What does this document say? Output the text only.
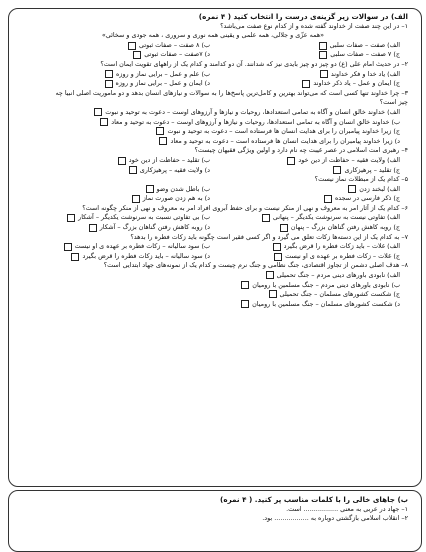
الف) در سوالات زیر گزینه‌ی درست را انتخاب کنید ( ۴ نمره)
۱– در این چند صفت از خداوند گفته شده و از کدام نوع صفت می‌باشد؟
«همه عزّی و جلالی، همه علمی و یقینی همه نوری و سروری ، همه جودی و سخائی»
الف) صفت – صفات سلبی
ب) ۸ صفت – صفات ثبوتی
ج) ۷ صفت – صفات سلبی
د) ۷صفت – صفات ثبوتی
۲– در حدیث امام علی (ع) دو چیز دو چیز بایدی نیز که شدانند. آن دو کدامند و کدام یک از راههای تقویت ایمان است؟
الف) یاد خدا و فکر خداوند
ب) علم و عمل – برایی نماز و روزه
ج) ایمان و عمل – یاد ذکر خداوند
د) ایمان و عمل – برایی نماز و روزه
۳– چرا خداوند تنها کسی است که می‌تواند بهترین و کامل‌ترین پاسخ‌ها را به سوالات و نیازهای انسان بدهد و دو ماموریت اصلی انبیا چه
چیز است؟
الف) خداوند خالق انسان و آگاه به تمامی استعدادها، روحیات و نیازها و آرزوهای اوست – دعوت به توحید و نبوت
ب) خداوند خالق انسان و آگاه به تمامی استعدادها، روحیات و نیازها و آرزوهای اوست – دعوت به توحید و معاد
ج) زیرا خداوند پیامبران را برای هدایت انسان ها فرستاده است – دعوت به توحید و نبوت
د) زیرا خداوند پیامبران را برای هدایت انسان ها فرستاده است – دعوت به توحید و معاد
۴– رهبری امت اسلامی در عصر غیبت چه نام دارد و اولین ویژگی فقیهان چیست؟
الف) ولایت فقیه – حفاظت از دین خود
ب) تقلید – حفاظت از دین خود
ج) تقلید – پرهیزکاری
د) ولایت فقیه – پرهیزکاری
۵– کدام یک از مبطلات نماز نیست؟
الف) لبخند زدن
ب) باطل شدن وضو
ج) ذکر فارسی در سجده
د) به هم زدن صورت نماز
۶– کدام یک از آثار امر به معروف و نهی از منکر نیست و برای حفظ آبروی افراد امر به معروف و نهی از منکر چگونه است؟
الف) تفاوتی نیست به سرنوشت یکدیگر – پنهانی
ب) بی تفاوتی نسبت به سرنوشت یکدیگر – آشکار
ج) روبه کاهش رفتن گناهان بزرگ – پنهان
د) روبه کاهش رفتن گناهان بزرگ – آشکار
۷– به کدام یک از این دسته‌ها زکات تعلق می گیرد و اگر کسی فقیر است چگونه باید زکات فطره را بدهد؟
الف) غلات – باید زکات فطره را قرض بگیرد
ب) سود سالیانه – زکات فطره بر عهده ی او نیست
ج) غلات – زکات فطره بر عهده ی او نیست
د) سود سالیانه – باید زکات فطره را قرض بگیرد
۸– هدف اصلی دشمن از تجاوز اقتصادی، جنگ نظامی و جنگ نرم چیست و کدام یک از نمونه‌های جهاد ابتدایی است؟
الف) نابودی باورهای دینی مردم – جنگ تحمیلی
ب) نابودی باورهای دینی مردم – جنگ مسلمین با رومیان
ج) شکست کشورهای مسلمان – جنگ تحمیلی
د) شکست کشورهای مسلمان – جنگ مسلمین با رومیان
ب) جاهای خالی را با کلمات مناسب پر کنید. ( ۴ نمره)
۱– جهاد در عربی به معنی ................. است.
۲– انقلاب اسلامی بازگشتی دوباره به ................. بود.
